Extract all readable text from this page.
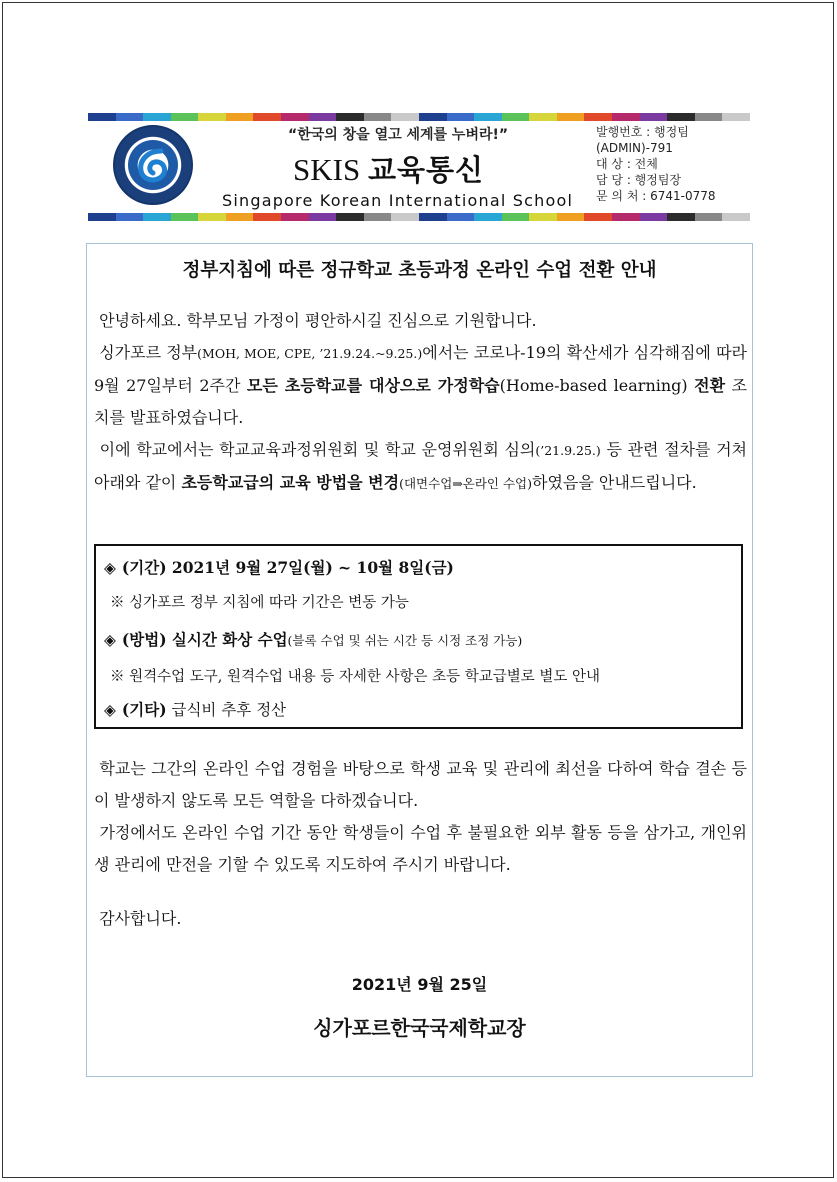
“한국의 창을 열고 세계를 누벼라!”
SKIS 교육통신
Singapore Korean International School
발행번호 : 행정팀
(ADMIN)-791
대 상 : 전체
담 당 : 행정팀장
문 의 처 : 6741-0778
정부지침에 따른 정규학교 초등과정 온라인 수업 전환 안내

안녕하세요. 학부모님 가정이 평안하시길 진심으로 기원합니다.

싱가포르 정부(MOH, MOE, CPE, ’21.9.24.~9.25.)에서는 코로나-19의 확산세가 심각해짐에 따라 9월 27일부터 2주간 모든 초등학교를 대상으로 가정학습(Home-based learning) 전환 조치를 발표하였습니다.

이에 학교에서는 학교교육과정위원회 및 학교 운영위원회 심의(’21.9.25.) 등 관련 절차를 거쳐 아래와 같이 초등학교급의 교육 방법을 변경(대면수업⇒온라인 수업)하였음을 안내드립니다.

◈ (기간) 2021년 9월 27일(월) ~ 10월 8일(금)
※ 싱가포르 정부 지침에 따라 기간은 변동 가능
◈ (방법) 실시간 화상 수업(블록 수업 및 쉬는 시간 등 시정 조정 가능)
※ 원격수업 도구, 원격수업 내용 등 자세한 사항은 초등 학교급별로 별도 안내
◈ (기타) 급식비 추후 정산

학교는 그간의 온라인 수업 경험을 바탕으로 학생 교육 및 관리에 최선을 다하여 학습 결손 등이 발생하지 않도록 모든 역할을 다하겠습니다.

가정에서도 온라인 수업 기간 동안 학생들이 수업 후 불필요한 외부 활동 등을 삼가고, 개인위생 관리에 만전을 기할 수 있도록 지도하여 주시기 바랍니다.

감사합니다.

2021년 9월 25일
싱가포르한국국제학교장
